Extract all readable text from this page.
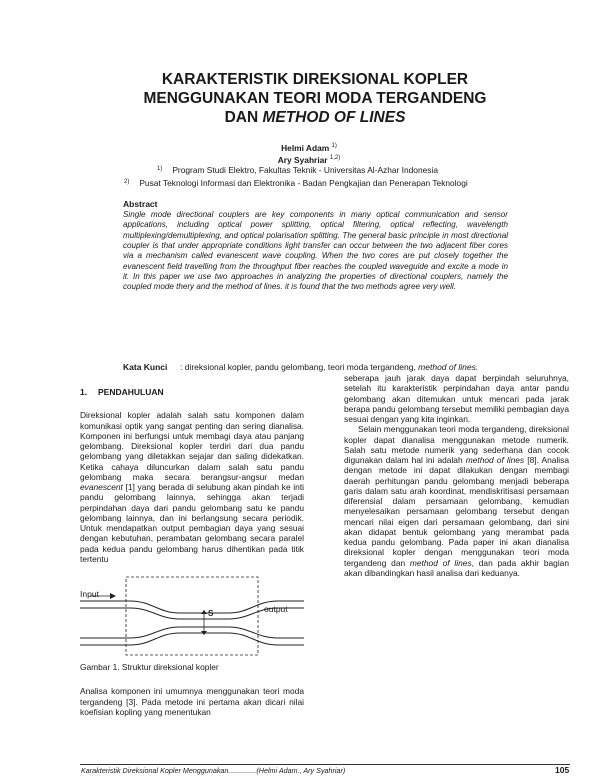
KARAKTERISTIK DIREKSIONAL KOPLER
MENGGUNAKAN TEORI MODA TERGANDENG
DAN METHOD OF LINES
Helmi Adam $^{1)}$
Ary Syahriar $^{1,2)}$
$^{1)}$ Program Studi Elektro, Fakultas Teknik - Universitas Al-Azhar Indonesia
$^{2)}$ Pusat Teknologi Informasi dan Elektronika - Badan Pengkajian dan Penerapan Teknologi
Abstract
Single mode directional couplers are key components in many optical communication and sensor applications, including optical power splitting, optical filtering, optical reflecting, wavelength multiplexing/demultiplexing, and optical polarisation splitting. The general basic principle in most directional coupler is that under appropriate conditions light transfer can occur between the two adjacent fiber cores via a mechanism called evanescent wave coupling. When the two cores are put closely together the evanescent field travelling from the throughput fiber reaches the coupled waveguide and excite a mode in it. In this paper we use two approaches in analyzing the properties of directional couplers, namely the coupled mode thery and the method of lines. it is found that the two methods agree very well.
Kata Kunci : direksional kopler, pandu gelombang, teori moda tergandeng, method of lines.

1. PENDAHULUAN

Direksional kopler adalah salah satu komponen dalam komunikasi optik yang sangat penting dan sering dianalisa. Komponen ini berfungsi untuk membagi daya atau panjang gelombang. Direksional kopler terdiri dari dua pandu gelombang yang diletakkan sejajar dan saling didekatkan. Ketika cahaya diluncurkan dalam salah satu pandu gelombang maka secara berangsur-angsur medan evanescent [1] yang berada di selubung akan pindah ke inti pandu gelombang lainnya, sehingga akan terjadi perpindahan daya dari pandu gelombang satu ke pandu gelombang lainnya, dan ini berlangsung secara periodik. Untuk mendapatkan output pembagian daya yang sesuai dengan kebutuhan, perambatan gelombang secara paralel pada kedua pandu gelombang harus dihentikan pada titik tertentu

Input
output
S

Gambar 1. Struktur direksional kopler

Analisa komponen ini umumnya menggunakan teori moda tergandeng [3]. Pada metode ini pertama akan dicari nilai koefisian kopling yang menentukan

seberapa jauh jarak daya dapat berpindah seluruhnya, setelah itu karakteristik perpindahan daya antar pandu gelombang akan ditemukan untuk mencari pada jarak berapa pandu gelombang tersebut memiliki pembagian daya sesuai dengan yang kita inginkan.

Selain menggunakan teori moda tergandeng, direksional kopler dapat dianalisa menggunakan metode numerik. Salah satu metode numerik yang sederhana dan cocok digunakan dalam hal ini adalah method of lines [8]. Analisa dengan metode ini dapat dilakukan dengan membagi daerah perhitungan pandu gelombang menjadi beberapa garis dalam satu arah koordinat, mendiskritisasi persamaan diferensial dalam persamaan gelombang, kemudian menyelesaikan persamaan gelombang tersebut dengan mencari nilai eigen dari persamaan gelombang, dari sini akan didapat bentuk gelombang yang merambat pada kedua pandu gelombang. Pada paper ini akan dianalisa direksional kopler dengan menggunakan teori moda tergandeng dan method of lines, dan pada akhir bagian akan dibandingkan hasil analisa dari keduanya.

Karakteristik Direksional Kopler Menggunakan..............(Helmi Adam., Ary Syahriar)	105
